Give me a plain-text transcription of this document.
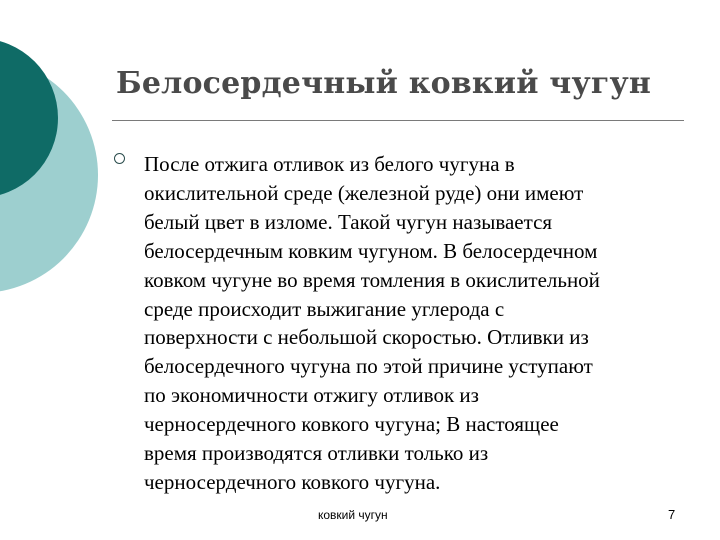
Белосердечный ковкий чугун
После отжига отливок из белого чугуна в
окислительной среде (железной руде) они имеют
белый цвет в изломе. Такой чугун называется
белосердечным ковким чугуном. В белосердечном
ковком чугуне во время томления в окислительной
среде происходит выжигание углерода с
поверхности с небольшой скоростью. Отливки из
белосердечного чугуна по этой причине уступают
по экономичности отжигу отливок из
черносердечного ковкого чугуна; В настоящее
время производятся отливки только из
черносердечного ковкого чугуна.
ковкий чугун	7
